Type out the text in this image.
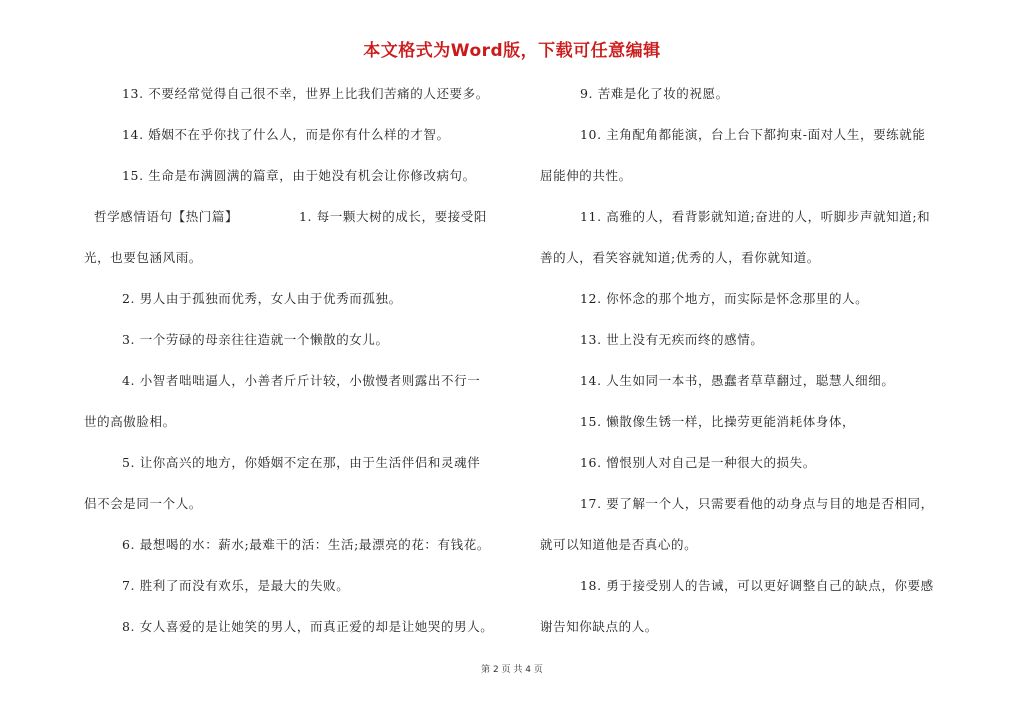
本文格式为Word版，下载可任意编辑
13. 不要经常觉得自己很不幸，世界上比我们苦痛的人还要多。
14. 婚姻不在乎你找了什么人，而是你有什么样的才智。
15. 生命是布满圆满的篇章，由于她没有机会让你修改病句。
哲学感情语句【热门篇】	1. 每一颗大树的成长，要接受阳
光，也要包涵风雨。
2. 男人由于孤独而优秀，女人由于优秀而孤独。
3. 一个劳碌的母亲往往造就一个懒散的女儿。
4. 小智者咄咄逼人，小善者斤斤计较，小傲慢者则露出不行一
世的高傲脸相。
5. 让你高兴的地方，你婚姻不定在那，由于生活伴侣和灵魂伴
侣不会是同一个人。
6. 最想喝的水：薪水;最难干的活：生活;最漂亮的花：有钱花。
7. 胜利了而没有欢乐，是最大的失败。
8. 女人喜爱的是让她笑的男人，而真正爱的却是让她哭的男人。
9. 苦难是化了妆的祝愿。
10. 主角配角都能演，台上台下都拘束-面对人生，要练就能
屈能伸的共性。
11. 高雅的人，看背影就知道;奋进的人，听脚步声就知道;和
善的人，看笑容就知道;优秀的人，看你就知道。
12. 你怀念的那个地方，而实际是怀念那里的人。
13. 世上没有无疾而终的感情。
14. 人生如同一本书，愚蠢者草草翻过，聪慧人细细。
15. 懒散像生锈一样，比操劳更能消耗体身体，
16. 憎恨别人对自己是一种很大的损失。
17. 要了解一个人，只需要看他的动身点与目的地是否相同，
就可以知道他是否真心的。
18. 勇于接受别人的告诫，可以更好调整自己的缺点，你要感
谢告知你缺点的人。
第 2 页 共 4 页
